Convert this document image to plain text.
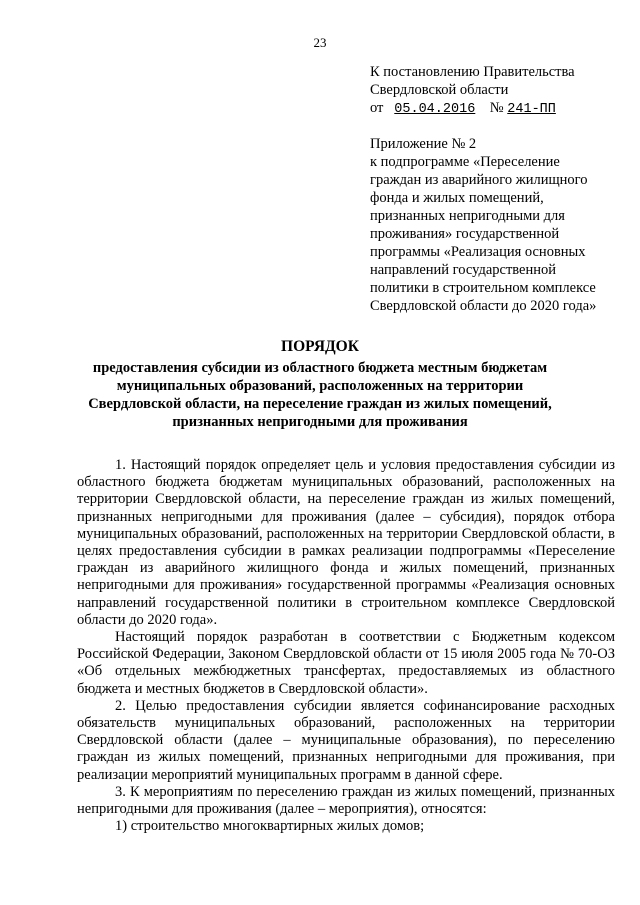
23
К постановлению Правительства
Свердловской области
от 05.04.2016 № 241-ПП
Приложение № 2
к подпрограмме «Переселение
граждан из аварийного жилищного
фонда и жилых помещений,
признанных непригодными для
проживания» государственной
программы «Реализация основных
направлений государственной
политики в строительном комплексе
Свердловской области до 2020 года»
ПОРЯДОК
предоставления субсидии из областного бюджета местным бюджетам
муниципальных образований, расположенных на территории
Свердловской области, на переселение граждан из жилых помещений,
признанных непригодными для проживания

1. Настоящий порядок определяет цель и условия предоставления субсидии из областного бюджета бюджетам муниципальных образований, расположенных на территории Свердловской области, на переселение граждан из жилых помещений, признанных непригодными для проживания (далее – субсидия), порядок отбора муниципальных образований, расположенных на территории Свердловской области, в целях предоставления субсидии в рамках реализации подпрограммы «Переселение граждан из аварийного жилищного фонда и жилых помещений, признанных непригодными для проживания» государственной программы «Реализация основных направлений государственной политики в строительном комплексе Свердловской области до 2020 года».

Настоящий порядок разработан в соответствии с Бюджетным кодексом Российской Федерации, Законом Свердловской области от 15 июля 2005 года № 70-ОЗ «Об отдельных межбюджетных трансфертах, предоставляемых из областного бюджета и местных бюджетов в Свердловской области».

2. Целью предоставления субсидии является софинансирование расходных обязательств муниципальных образований, расположенных на территории Свердловской области (далее – муниципальные образования), по переселению граждан из жилых помещений, признанных непригодными для проживания, при реализации мероприятий муниципальных программ в данной сфере.

3. К мероприятиям по переселению граждан из жилых помещений, признанных непригодными для проживания (далее – мероприятия), относятся:

1) строительство многоквартирных жилых домов;
